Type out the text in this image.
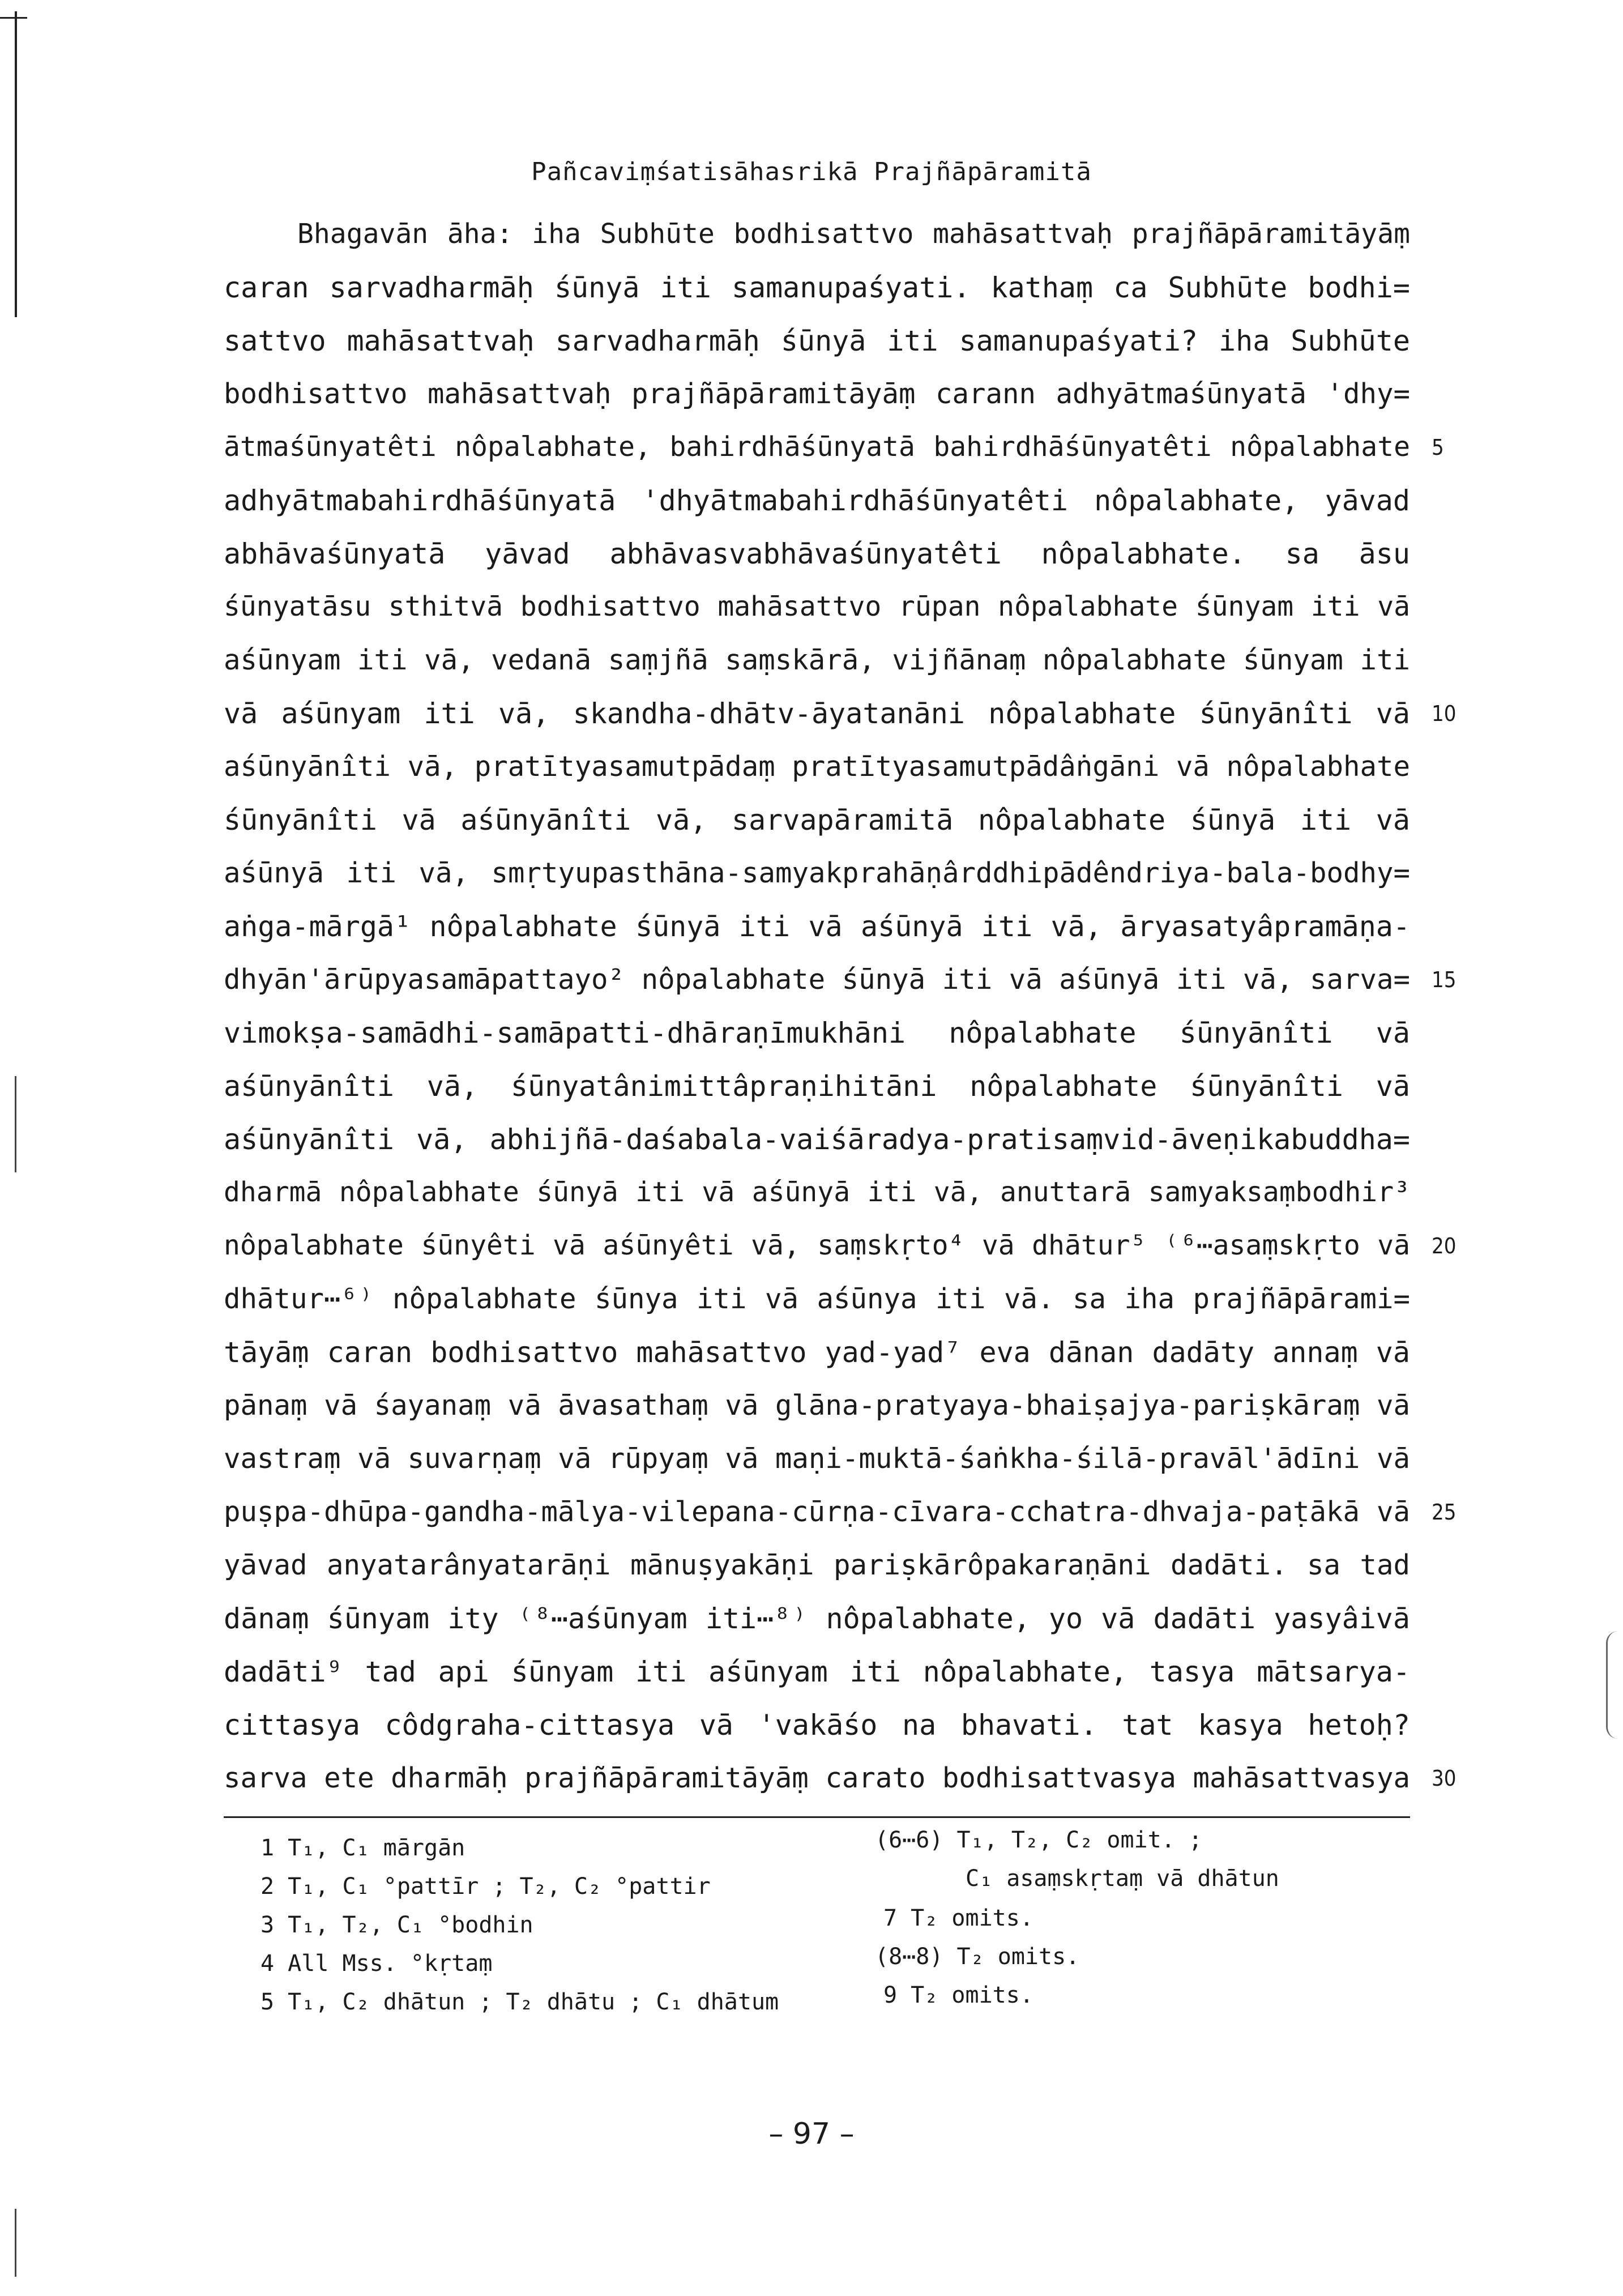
Pañcaviṃśatisāhasrikā Prajñāpāramitā
Bhagavān āha: iha Subhūte bodhisattvo mahāsattvaḥ prajñāpāramitāyāṃ
caran sarvadharmāḥ śūnyā iti samanupaśyati. kathaṃ ca Subhūte bodhi=
sattvo mahāsattvaḥ sarvadharmāḥ śūnyā iti samanupaśyati? iha Subhūte
bodhisattvo mahāsattvaḥ prajñāpāramitāyāṃ carann adhyātmaśūnyatā 'dhy=
ātmaśūnyatêti nôpalabhate, bahirdhāśūnyatā bahirdhāśūnyatêti nôpalabhate
adhyātmabahirdhāśūnyatā 'dhyātmabahirdhāśūnyatêti nôpalabhate, yāvad
abhāvaśūnyatā yāvad abhāvasvabhāvaśūnyatêti nôpalabhate. sa āsu
śūnyatāsu sthitvā bodhisattvo mahāsattvo rūpan nôpalabhate śūnyam iti vā
aśūnyam iti vā, vedanā saṃjñā saṃskārā, vijñānaṃ nôpalabhate śūnyam iti
vā aśūnyam iti vā, skandha-dhātv-āyatanāni nôpalabhate śūnyānîti vā
aśūnyānîti vā, pratītyasamutpādaṃ pratītyasamutpādâṅgāni vā nôpalabhate
śūnyānîti vā aśūnyānîti vā, sarvapāramitā nôpalabhate śūnyā iti vā
aśūnyā iti vā, smṛtyupasthāna-samyakprahāṇârddhipādêndriya-bala-bodhy=
aṅga-mārgā¹ nôpalabhate śūnyā iti vā aśūnyā iti vā, āryasatyâpramāṇa-
dhyān'ārūpyasamāpattayo² nôpalabhate śūnyā iti vā aśūnyā iti vā, sarva=
vimokṣa-samādhi-samāpatti-dhāraṇīmukhāni nôpalabhate śūnyānîti vā
aśūnyānîti vā, śūnyatânimittâpraṇihitāni nôpalabhate śūnyānîti vā
aśūnyānîti vā, abhijñā-daśabala-vaiśāradya-pratisaṃvid-āveṇikabuddha=
dharmā nôpalabhate śūnyā iti vā aśūnyā iti vā, anuttarā samyaksaṃbodhir³
nôpalabhate śūnyêti vā aśūnyêti vā, saṃskṛto⁴ vā dhātur⁵ ⁽⁶⋯asaṃskṛto vā
dhātur⋯⁶⁾ nôpalabhate śūnya iti vā aśūnya iti vā. sa iha prajñāpārami=
tāyāṃ caran bodhisattvo mahāsattvo yad-yad⁷ eva dānan dadāty annaṃ vā
pānaṃ vā śayanaṃ vā āvasathaṃ vā glāna-pratyaya-bhaiṣajya-pariṣkāraṃ vā
vastraṃ vā suvarṇaṃ vā rūpyaṃ vā maṇi-muktā-śaṅkha-śilā-pravāl'ādīni vā
puṣpa-dhūpa-gandha-mālya-vilepana-cūrṇa-cīvara-cchatra-dhvaja-paṭākā vā
yāvad anyatarânyatarāṇi mānuṣyakāṇi pariṣkārôpakaraṇāni dadāti. sa tad
dānaṃ śūnyam ity ⁽⁸⋯aśūnyam iti⋯⁸⁾ nôpalabhate, yo vā dadāti yasyâivā
dadāti⁹ tad api śūnyam iti aśūnyam iti nôpalabhate, tasya mātsarya-
cittasya côdgraha-cittasya vā 'vakāśo na bhavati. tat kasya hetoḥ?
sarva ete dharmāḥ prajñāpāramitāyāṃ carato bodhisattvasya mahāsattvasya
5
10
15
20
25
30
1 T₁, C₁ mārgān
2 T₁, C₁ °pattīr ; T₂, C₂ °pattir
3 T₁, T₂, C₁ °bodhin
4 All Mss. °kṛtaṃ
5 T₁, C₂ dhātun ; T₂ dhātu ; C₁ dhātum
(6⋯6) T₁, T₂, C₂ omit. ;
C₁ asaṃskṛtaṃ vā dhātun
7 T₂ omits.
(8⋯8) T₂ omits.
9 T₂ omits.
– 97 –
